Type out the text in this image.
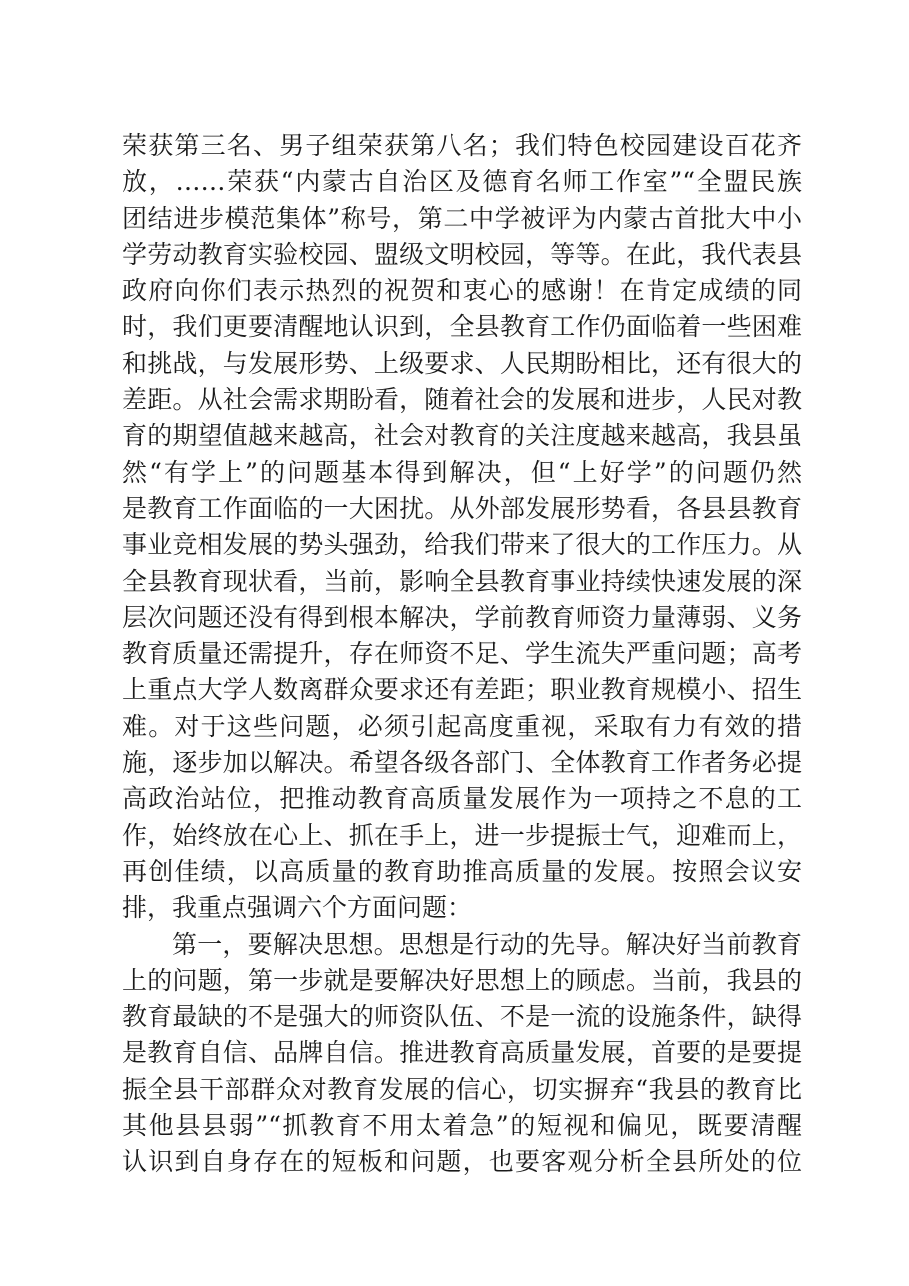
荣获第三名、男子组荣获第八名；我们特色校园建设百花齐
放，……荣获“内蒙古自治区及德育名师工作室”“全盟民族
团结进步模范集体”称号，第二中学被评为内蒙古首批大中小
学劳动教育实验校园、盟级文明校园，等等。在此，我代表县
政府向你们表示热烈的祝贺和衷心的感谢！在肯定成绩的同
时，我们更要清醒地认识到，全县教育工作仍面临着一些困难
和挑战，与发展形势、上级要求、人民期盼相比，还有很大的
差距。从社会需求期盼看，随着社会的发展和进步，人民对教
育的期望值越来越高，社会对教育的关注度越来越高，我县虽
然“有学上”的问题基本得到解决，但“上好学”的问题仍然
是教育工作面临的一大困扰。从外部发展形势看，各县县教育
事业竞相发展的势头强劲，给我们带来了很大的工作压力。从
全县教育现状看，当前，影响全县教育事业持续快速发展的深
层次问题还没有得到根本解决，学前教育师资力量薄弱、义务
教育质量还需提升，存在师资不足、学生流失严重问题；高考
上重点大学人数离群众要求还有差距；职业教育规模小、招生
难。对于这些问题，必须引起高度重视，采取有力有效的措
施，逐步加以解决。希望各级各部门、全体教育工作者务必提
高政治站位，把推动教育高质量发展作为一项持之不息的工
作，始终放在心上、抓在手上，进一步提振士气，迎难而上，
再创佳绩，以高质量的教育助推高质量的发展。按照会议安
排，我重点强调六个方面问题：
第一，要解决思想。思想是行动的先导。解决好当前教育
上的问题，第一步就是要解决好思想上的顾虑。当前，我县的
教育最缺的不是强大的师资队伍、不是一流的设施条件，缺得
是教育自信、品牌自信。推进教育高质量发展，首要的是要提
振全县干部群众对教育发展的信心，切实摒弃“我县的教育比
其他县县弱”“抓教育不用太着急”的短视和偏见，既要清醒
认识到自身存在的短板和问题，也要客观分析全县所处的位
